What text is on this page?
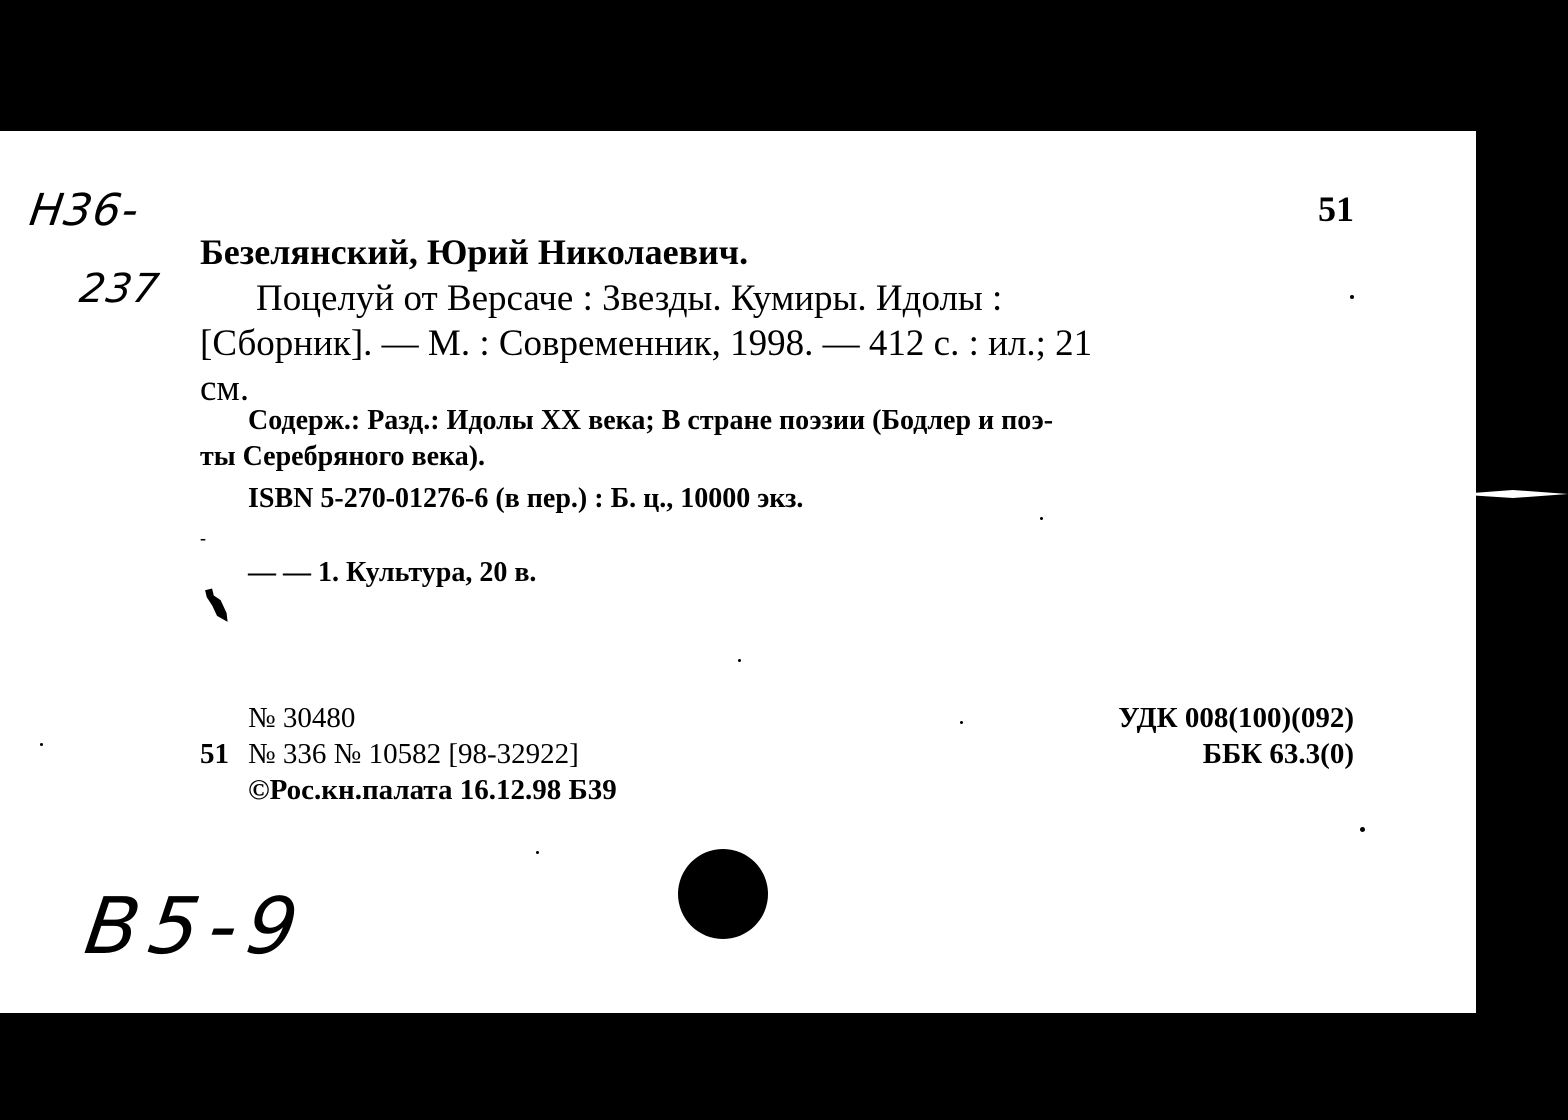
Н36-
237
51
Безелянский, Юрий Николаевич.
Поцелуй от Версаче : Звезды. Кумиры. Идолы :
[Сборник]. — М. : Современник, 1998. — 412 с. : ил.; 21
см.
Содерж.: Разд.: Идолы XX века; В стране поэзии (Бодлер и поэ-
ты Серебряного века).
ISBN 5-270-01276-6 (в пер.) : Б. ц., 10000 экз.
-
— — 1. Культура, 20 в.
№ 30480
51 № 336 № 10582 [98-32922]
©Рос.кн.палата 16.12.98 Б39
УДК 008(100)(092)
ББК 63.3(0)
В5-9
